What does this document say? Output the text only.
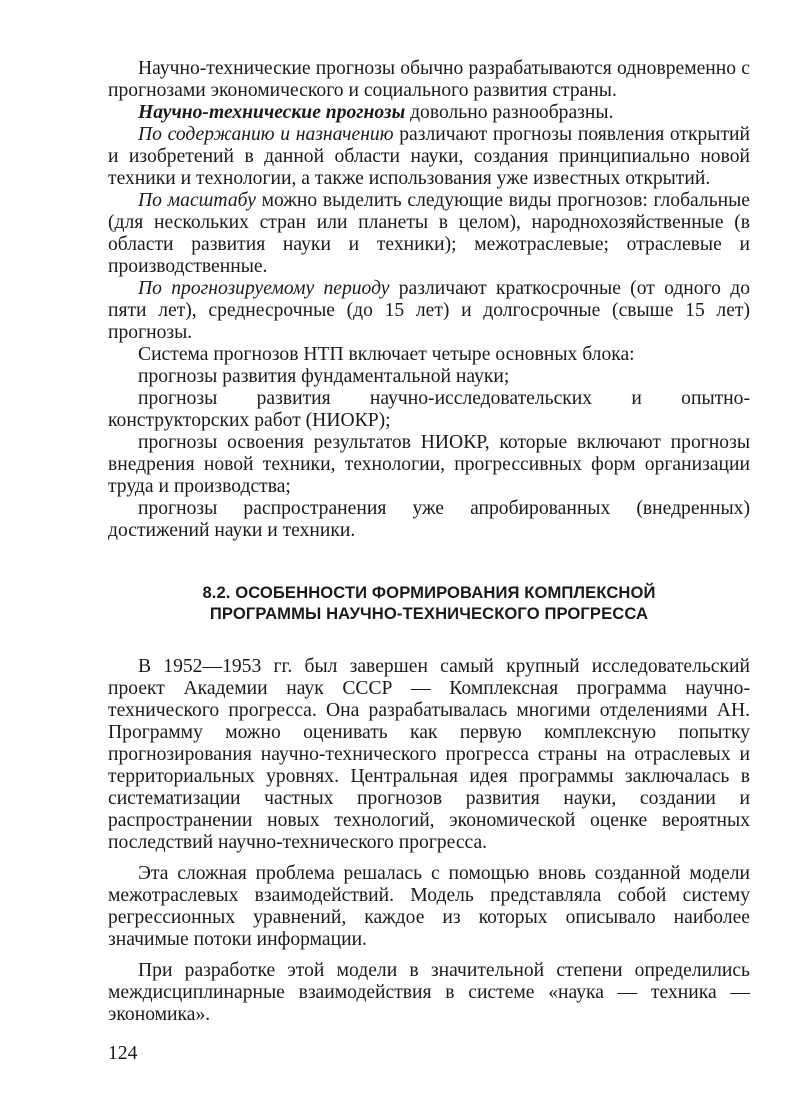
Научно-технические прогнозы обычно разрабатываются одновременно с прогнозами экономического и социального развития страны.

Научно-технические прогнозы довольно разнообразны.

По содержанию и назначению различают прогнозы появления открытий и изобретений в данной области науки, создания принципиально новой техники и технологии, а также использования уже известных открытий.

По масштабу можно выделить следующие виды прогнозов: глобальные (для нескольких стран или планеты в целом), народнохозяйственные (в области развития науки и техники); межотраслевые; отраслевые и производственные.

По прогнозируемому периоду различают краткосрочные (от одного до пяти лет), среднесрочные (до 15 лет) и долгосрочные (свыше 15 лет) прогнозы.

Система прогнозов НТП включает четыре основных блока:

прогнозы развития фундаментальной науки;

прогнозы развития научно-исследовательских и опытно-конструкторских работ (НИОКР);

прогнозы освоения результатов НИОКР, которые включают прогнозы внедрения новой техники, технологии, прогрессивных форм организации труда и производства;

прогнозы распространения уже апробированных (внедренных) достижений науки и техники.

8.2. ОСОБЕННОСТИ ФОРМИРОВАНИЯ КОМПЛЕКСНОЙ
ПРОГРАММЫ НАУЧНО-ТЕХНИЧЕСКОГО ПРОГРЕССА

В 1952—1953 гг. был завершен самый крупный исследовательский проект Академии наук СССР — Комплексная программа научно-технического прогресса. Она разрабатывалась многими отделениями АН. Программу можно оценивать как первую комплексную попытку прогнозирования научно-технического прогресса страны на отраслевых и территориальных уровнях. Центральная идея программы заключалась в систематизации частных прогнозов развития науки, создании и распространении новых технологий, экономической оценке вероятных последствий научно-технического прогресса.

Эта сложная проблема решалась с помощью вновь созданной модели межотраслевых взаимодействий. Модель представляла собой систему регрессионных уравнений, каждое из которых описывало наиболее значимые потоки информации.

При разработке этой модели в значительной степени определились междисциплинарные взаимодействия в системе «наука — техника — экономика».

124
